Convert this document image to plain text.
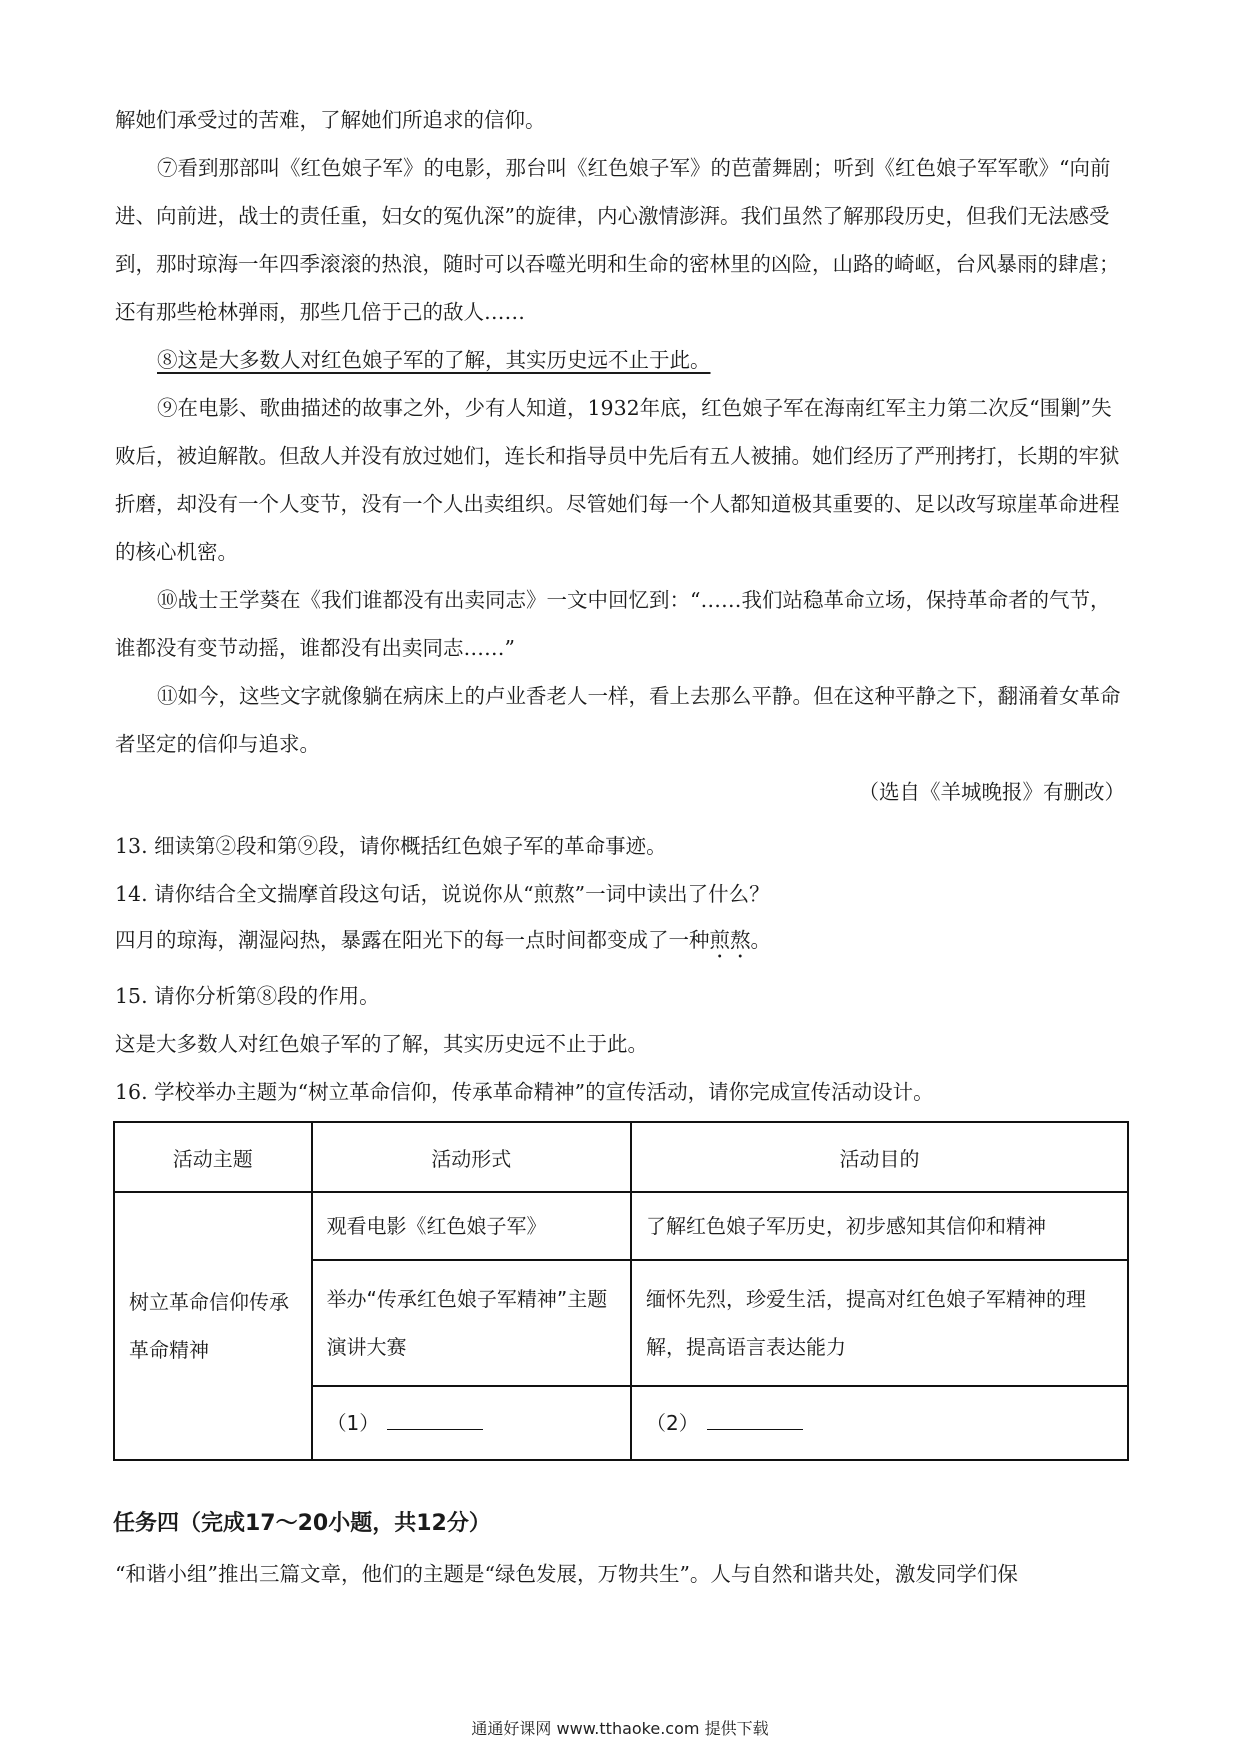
解她们承受过的苦难，了解她们所追求的信仰。

⑦看到那部叫《红色娘子军》的电影，那台叫《红色娘子军》的芭蕾舞剧；听到《红色娘子军军歌》“向前进、向前进，战士的责任重，妇女的冤仇深”的旋律，内心激情澎湃。我们虽然了解那段历史，但我们无法感受到，那时琼海一年四季滚滚的热浪，随时可以吞噬光明和生命的密林里的凶险，山路的崎岖，台风暴雨的肆虐；还有那些枪林弹雨，那些几倍于己的敌人……

⑧这是大多数人对红色娘子军的了解，其实历史远不止于此。

⑨在电影、歌曲描述的故事之外，少有人知道，1932年底，红色娘子军在海南红军主力第二次反“围剿”失败后，被迫解散。但敌人并没有放过她们，连长和指导员中先后有五人被捕。她们经历了严刑拷打，长期的牢狱折磨，却没有一个人变节，没有一个人出卖组织。尽管她们每一个人都知道极其重要的、足以改写琼崖革命进程的核心机密。

⑩战士王学葵在《我们谁都没有出卖同志》一文中回忆到：“……我们站稳革命立场，保持革命者的气节，谁都没有变节动摇，谁都没有出卖同志……”

⑪如今，这些文字就像躺在病床上的卢业香老人一样，看上去那么平静。但在这种平静之下，翻涌着女革命者坚定的信仰与追求。

（选自《羊城晚报》有删改）

13. 细读第②段和第⑨段，请你概括红色娘子军的革命事迹。

14. 请你结合全文揣摩首段这句话，说说你从“煎熬”一词中读出了什么？

四月的琼海，潮湿闷热，暴露在阳光下的每一点时间都变成了一种煎熬。

15. 请你分析第⑧段的作用。

这是大多数人对红色娘子军的了解，其实历史远不止于此。

16. 学校举办主题为“树立革命信仰，传承革命精神”的宣传活动，请你完成宣传活动设计。

活动主题	活动形式	活动目的
树立革命信仰传承革命精神	观看电影《红色娘子军》	了解红色娘子军历史，初步感知其信仰和精神
	举办“传承红色娘子军精神”主题演讲大赛	缅怀先烈，珍爱生活，提高对红色娘子军精神的理解，提高语言表达能力
	（1）	（2）

任务四（完成17～20小题，共12分）

“和谐小组”推出三篇文章，他们的主题是“绿色发展，万物共生”。人与自然和谐共处，激发同学们保

通通好课网 www.tthaoke.com 提供下载
